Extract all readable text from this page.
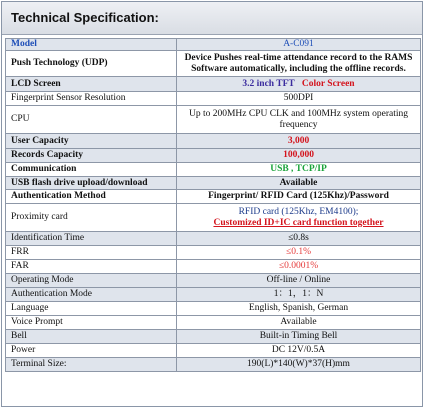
Technical Specification:
Model	A-C091
Push Technology (UDP)	Device Pushes real-time attendance record to the RAMS Software automatically, including the offline records.
LCD Screen	3.2 inch TFT Color Screen
Fingerprint Sensor Resolution	500DPI
CPU	Up to 200MHz CPU CLK and 100MHz system operating frequency
User Capacity	3,000
Records Capacity	100,000
Communication	USB , TCP/IP
USB flash drive upload/download	Available
Authentication Method	Fingerprint/ RFID Card (125Khz)/Password
Proximity card	RFID card (125Khz, EM4100);
Customized ID+IC card function together

Identification Time	≤0.8s
FRR	≤0.1%
FAR	≤0.0001%
Operating Mode	Off-line / Online
Authentication Mode	1：1，1：N
Language	English, Spanish, German
Voice Prompt	Available
Bell	Built-in Timing Bell
Power	DC 12V/0.5A
Terminal Size:	190(L)*140(W)*37(H)mm
